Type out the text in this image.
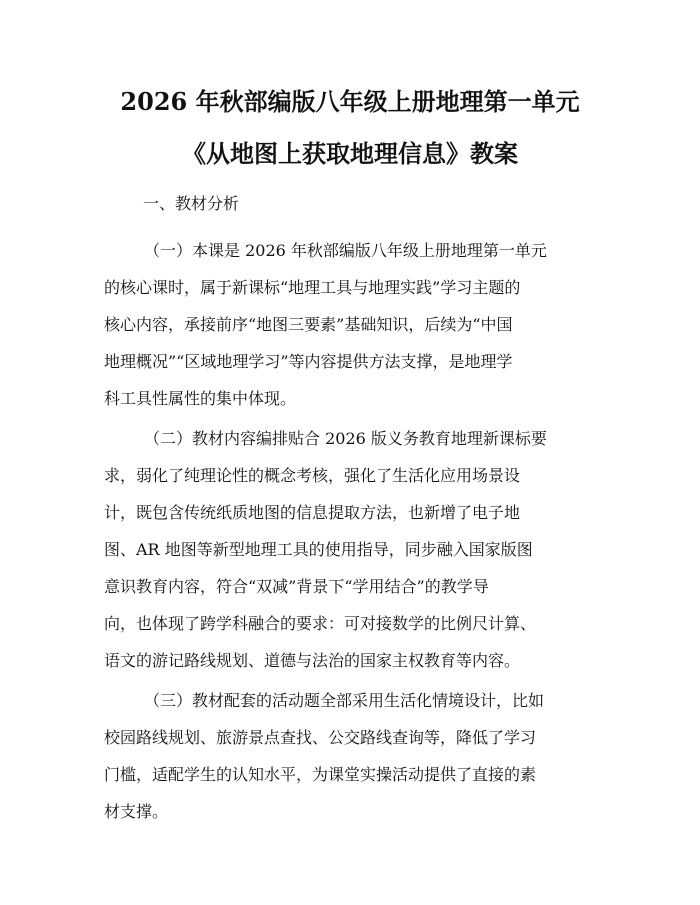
2026 年秋部编版八年级上册地理第一单元
《从地图上获取地理信息》教案
一、教材分析
（一）本课是 2026 年秋部编版八年级上册地理第一单元
的核心课时，属于新课标“地理工具与地理实践”学习主题的
核心内容，承接前序“地图三要素”基础知识，后续为“中国
地理概况”“区域地理学习”等内容提供方法支撑，是地理学
科工具性属性的集中体现。
（二）教材内容编排贴合 2026 版义务教育地理新课标要
求，弱化了纯理论性的概念考核，强化了生活化应用场景设
计，既包含传统纸质地图的信息提取方法，也新增了电子地
图、AR 地图等新型地理工具的使用指导，同步融入国家版图
意识教育内容，符合“双减”背景下“学用结合”的教学导
向，也体现了跨学科融合的要求：可对接数学的比例尺计算、
语文的游记路线规划、道德与法治的国家主权教育等内容。
（三）教材配套的活动题全部采用生活化情境设计，比如
校园路线规划、旅游景点查找、公交路线查询等，降低了学习
门槛，适配学生的认知水平，为课堂实操活动提供了直接的素
材支撑。
